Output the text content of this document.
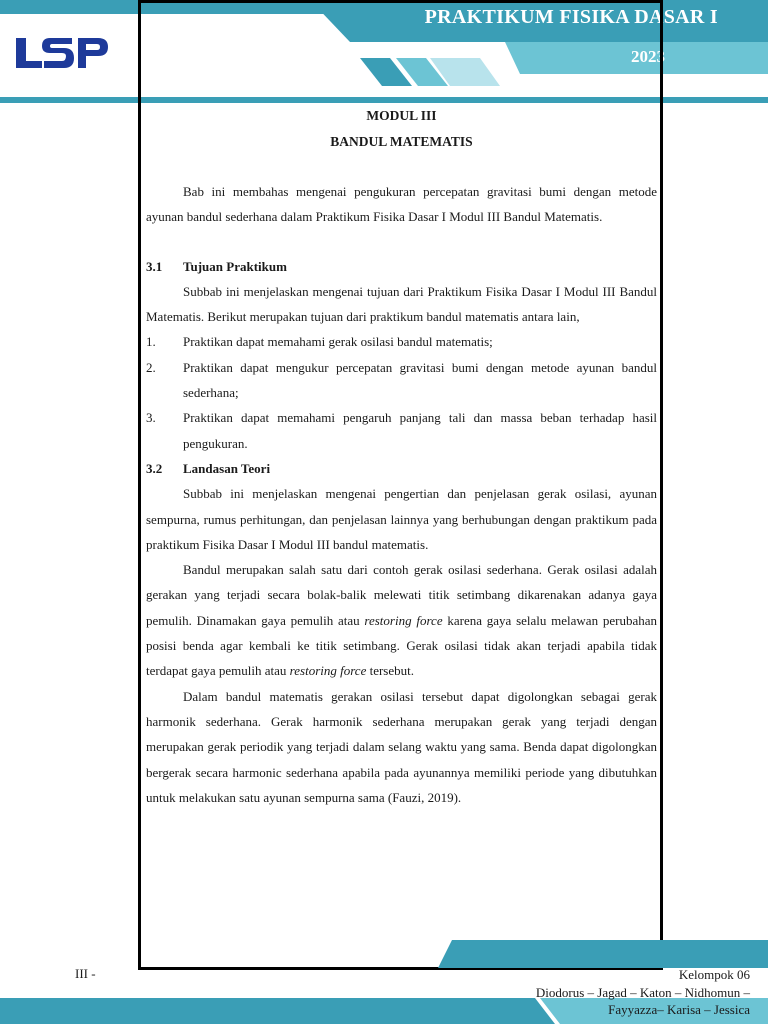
PRAKTIKUM FISIKA DASAR I
2023
MODUL III
BANDUL MATEMATIS

Bab ini membahas mengenai pengukuran percepatan gravitasi bumi dengan metode ayunan bandul sederhana dalam Praktikum Fisika Dasar I Modul III Bandul Matematis.

3.1	Tujuan Praktikum

Subbab ini menjelaskan mengenai tujuan dari Praktikum Fisika Dasar I Modul III Bandul Matematis. Berikut merupakan tujuan dari praktikum bandul matematis antara lain,

1.	Praktikan dapat memahami gerak osilasi bandul matematis;
2.	Praktikan dapat mengukur percepatan gravitasi bumi dengan metode ayunan bandul sederhana;
3.	Praktikan dapat memahami pengaruh panjang tali dan massa beban terhadap hasil pengukuran.
3.2	Landasan Teori

Subbab ini menjelaskan mengenai pengertian dan penjelasan gerak osilasi, ayunan sempurna, rumus perhitungan, dan penjelasan lainnya yang berhubungan dengan praktikum pada praktikum Fisika Dasar I Modul III bandul matematis.

Bandul merupakan salah satu dari contoh gerak osilasi sederhana. Gerak osilasi adalah gerakan yang terjadi secara bolak-balik melewati titik setimbang dikarenakan adanya gaya pemulih. Dinamakan gaya pemulih atau restoring force karena gaya selalu melawan perubahan posisi benda agar kembali ke titik setimbang. Gerak osilasi tidak akan terjadi apabila tidak terdapat gaya pemulih atau restoring force tersebut.

Dalam bandul matematis gerakan osilasi tersebut dapat digolongkan sebagai gerak harmonik sederhana. Gerak harmonik sederhana merupakan gerak yang terjadi dengan merupakan gerak periodik yang terjadi dalam selang waktu yang sama. Benda dapat digolongkan bergerak secara harmonic sederhana apabila pada ayunannya memiliki periode yang dibutuhkan untuk melakukan satu ayunan sempurna sama (Fauzi, 2019).

III -	Kelompok 06
Diodorus – Jagad – Katon – Nidhomun –
Fayyazza– Karisa – Jessica
